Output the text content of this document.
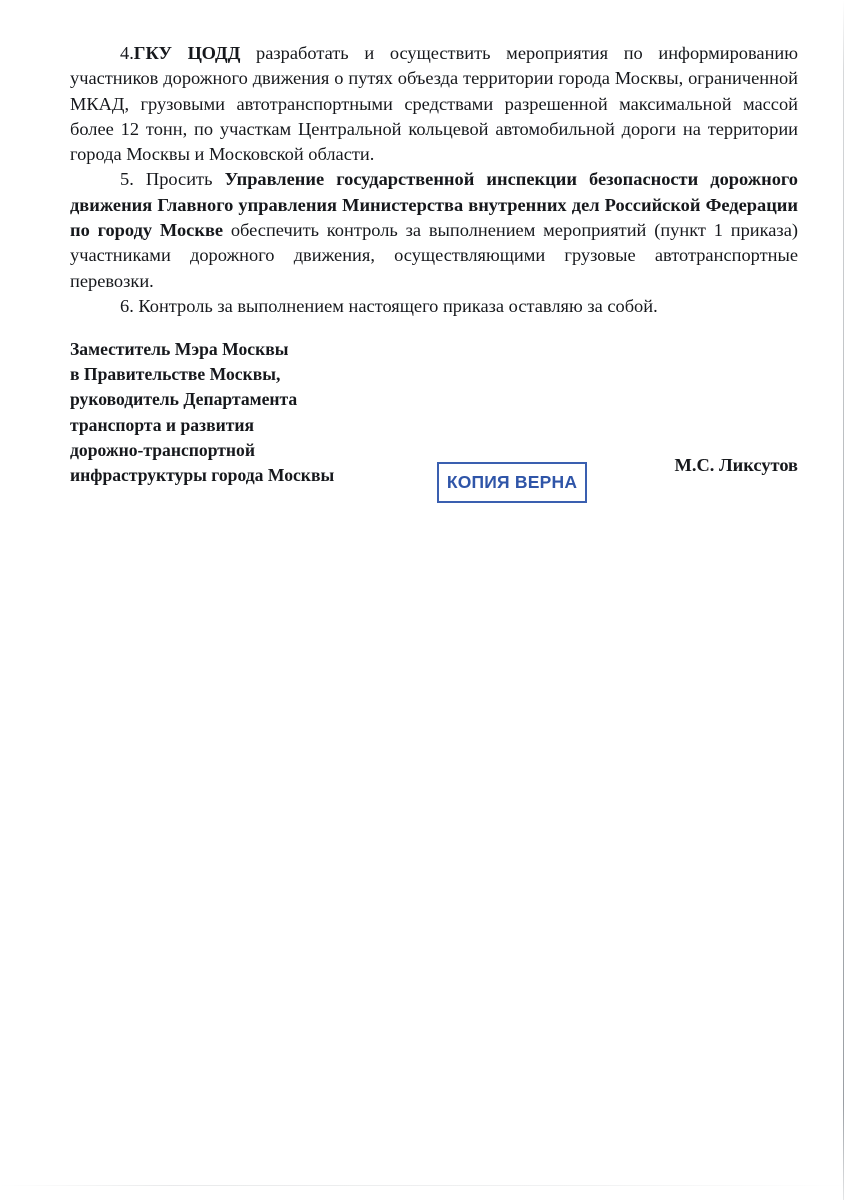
4.ГКУ ЦОДД разработать и осуществить мероприятия по информированию участников дорожного движения о путях объезда территории города Москвы, ограниченной МКАД, грузовыми автотранспортными средствами разрешенной максимальной массой более 12 тонн, по участкам Центральной кольцевой автомобильной дороги на территории города Москвы и Московской области.

5. Просить Управление государственной инспекции безопасности дорожного движения Главного управления Министерства внутренних дел Российской Федерации по городу Москве обеспечить контроль за выполнением мероприятий (пункт 1 приказа) участниками дорожного движения, осуществляющими грузовые автотранспортные перевозки.

6. Контроль за выполнением настоящего приказа оставляю за собой.

Заместитель Мэра Москвы
в Правительстве Москвы,
руководитель Департамента
транспорта и развития
дорожно-транспортной
инфраструктуры города Москвы	КОПИЯ ВЕРНА
М.С. Ликсутов
